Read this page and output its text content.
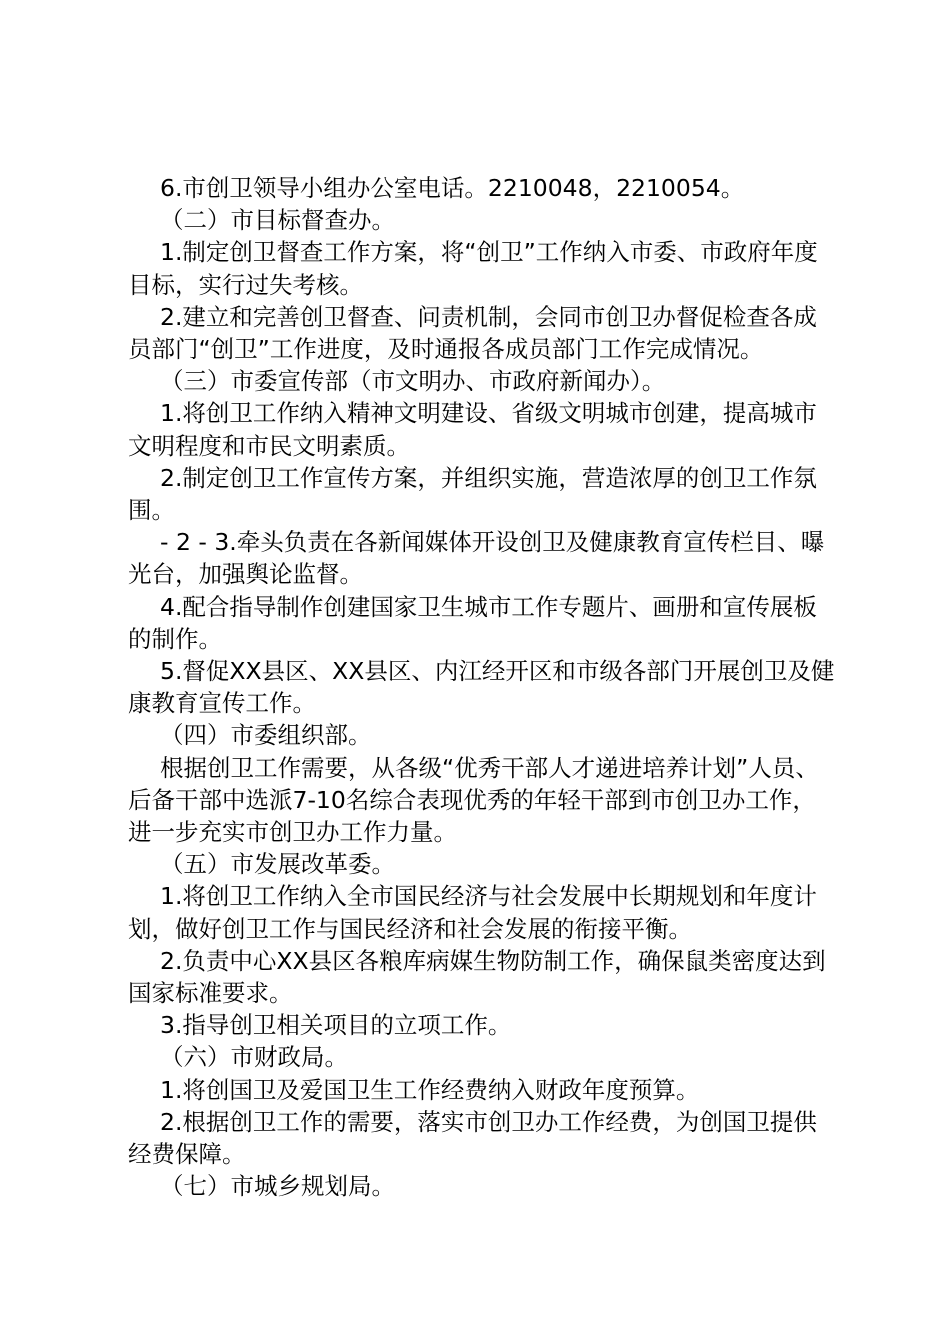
6.市创卫领导小组办公室电话。2210048，2210054。

（二）市目标督查办。

1.制定创卫督查工作方案，将“创卫”工作纳入市委、市政府年度目标，实行过失考核。

2.建立和完善创卫督查、问责机制，会同市创卫办督促检查各成员部门“创卫”工作进度，及时通报各成员部门工作完成情况。

（三）市委宣传部（市文明办、市政府新闻办）。

1.将创卫工作纳入精神文明建设、省级文明城市创建，提高城市文明程度和市民文明素质。

2.制定创卫工作宣传方案，并组织实施，营造浓厚的创卫工作氛围。

- 2 - 3.牵头负责在各新闻媒体开设创卫及健康教育宣传栏目、曝光台，加强舆论监督。

4.配合指导制作创建国家卫生城市工作专题片、画册和宣传展板的制作。

5.督促XX县区、XX县区、内江经开区和市级各部门开展创卫及健康教育宣传工作。

（四）市委组织部。

根据创卫工作需要，从各级“优秀干部人才递进培养计划”人员、后备干部中选派7-10名综合表现优秀的年轻干部到市创卫办工作，进一步充实市创卫办工作力量。

（五）市发展改革委。

1.将创卫工作纳入全市国民经济与社会发展中长期规划和年度计划，做好创卫工作与国民经济和社会发展的衔接平衡。

2.负责中心XX县区各粮库病媒生物防制工作，确保鼠类密度达到国家标准要求。

3.指导创卫相关项目的立项工作。

（六）市财政局。

1.将创国卫及爱国卫生工作经费纳入财政年度预算。

2.根据创卫工作的需要，落实市创卫办工作经费，为创国卫提供经费保障。

（七）市城乡规划局。
